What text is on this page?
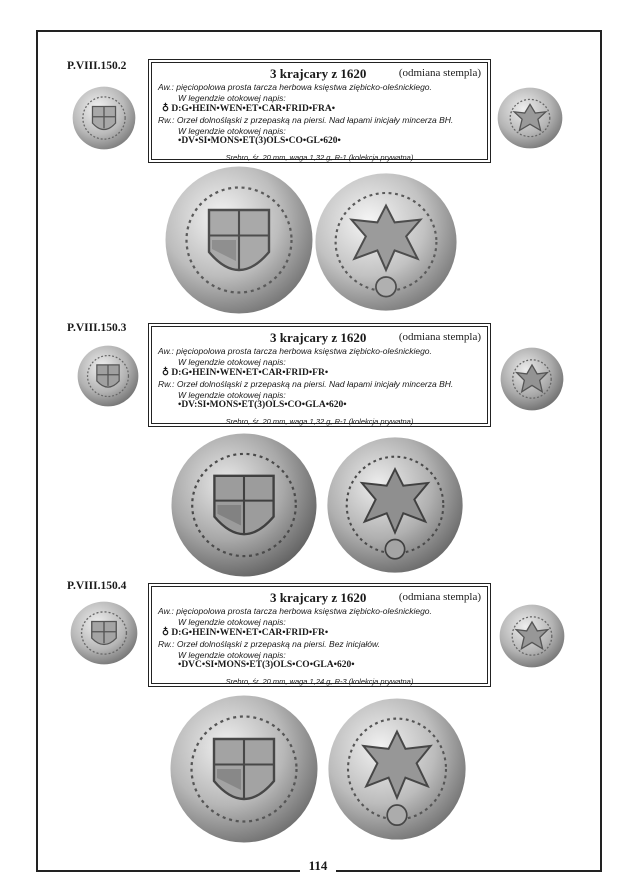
P.VIII.150.2	3 krajcary z 1620	(odmiana stempla)
Aw.: pięciopolowa prosta tarcza herbowa księstwa ziębicko-oleśnickiego.
W legendzie otokowej napis:
♁ D:G•HEIN•WEN•ET•CAR•FRID•FRA•
Rw.: Orzeł dolnośląski z przepaską na piersi. Nad łapami inicjały mincerza BH.
W legendzie otokowej napis:
•DV•SI•MONS•ET(3)OLS•CO•GL•620•
Srebro, śr. 20 mm, waga 1,32 g, R-1 (kolekcja prywatna)
P.VIII.150.3
3 krajcary z 1620	(odmiana stempla)
Aw.: pięciopolowa prosta tarcza herbowa księstwa ziębicko-oleśnickiego.
W legendzie otokowej napis:
♁ D:G•HEIN•WEN•ET•CAR•FRID•FR•
Rw.: Orzeł dolnośląski z przepaską na piersi. Nad łapami inicjały mincerza BH.
W legendzie otokowej napis:
•DV:SI•MONS•ET(3)OLS•CO•GLA•620•
Srebro, śr. 20 mm, waga 1,32 g, R-1 (kolekcja prywatna)
P.VIII.150.4
3 krajcary z 1620	(odmiana stempla)
Aw.: pięciopolowa prosta tarcza herbowa księstwa ziębicko-oleśnickiego.
W legendzie otokowej napis:
♁ D:G•HEIN•WEN•ET•CAR•FRID•FR•
Rw.: Orzeł dolnośląski z przepaską na piersi. Bez inicjałów.
W legendzie otokowej napis:
•DVC•SI•MONS•ET(3)OLS•CO•GLA•620•
Srebro, śr. 20 mm, waga 1,24 g, R-3 (kolekcja prywatna)
114
